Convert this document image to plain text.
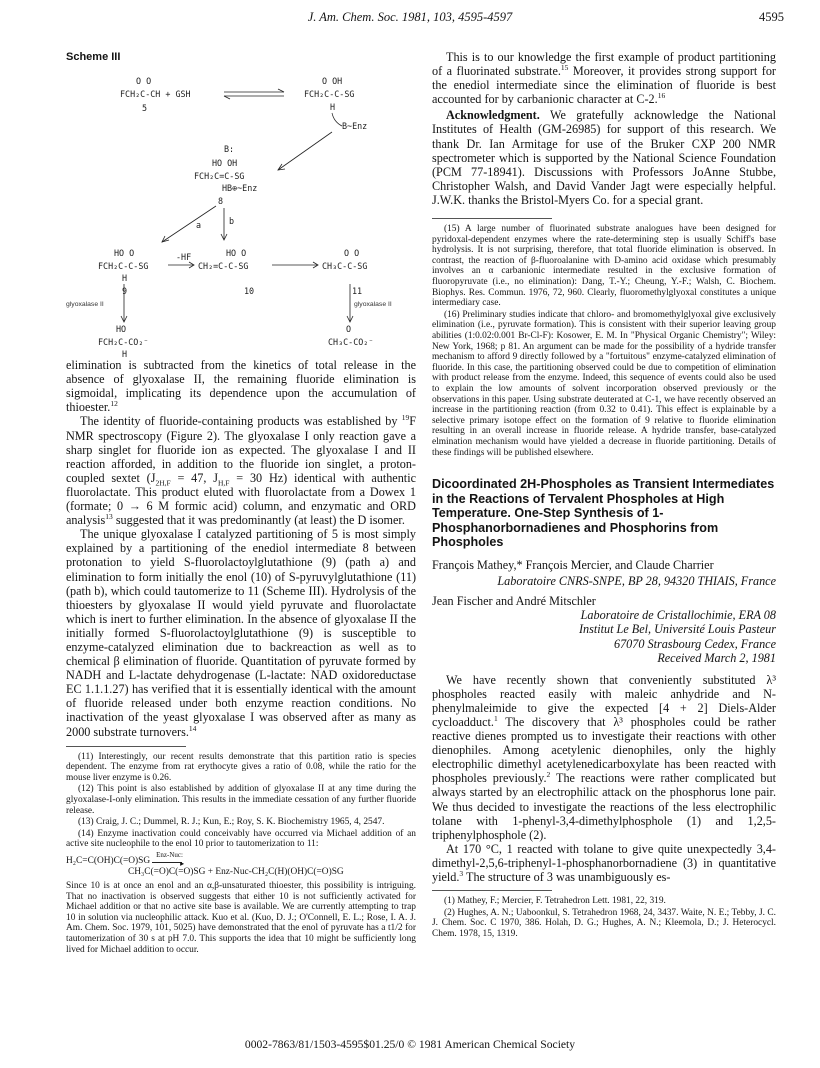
J. Am. Chem. Soc. 1981, 103, 4595-4597	4595
Scheme III
O O
FCH₂C-CH + GSH
5
O OH
FCH₂C-C-SG
H
B~Enz
B:
HO OH
FCH₂C=C-SG
HB⊕~Enz
8
a	b
HO O
FCH₂C-C-SG
H
9
-HF	HO O
CH₂=C-C-SG
10
O O
CH₃C-C-SG
11
glyoxalase II	glyoxalase II
HO
FCH₂C-CO₂⁻
H
O
CH₃C-CO₂⁻

elimination is subtracted from the kinetics of total release in the absence of glyoxalase II, the remaining fluoride elimination is sigmoidal, implicating its dependence upon the accumulation of thioester.$^{12}$

The identity of fluoride-containing products was established by $^{19}$F NMR spectroscopy (Figure 2). The glyoxalase I only reaction gave a sharp singlet for fluoride ion as expected. The glyoxalase I and II reaction afforded, in addition to the fluoride ion singlet, a proton-coupled sextet ($J_{2H,F} = 47$, $J_{H,F} = 30$ Hz) identical with authentic fluorolactate. This product eluted with fluorolactate from a Dowex 1 (formate; 0 → 6 M formic acid) column, and enzymatic and ORD analysis$^{13}$ suggested that it was predominantly (at least) the D isomer.

The unique glyoxalase I catalyzed partitioning of 5 is most simply explained by a partitioning of the enediol intermediate 8 between protonation to yield S-fluorolactoylglutathione (9) (path a) and elimination to form initially the enol (10) of S-pyruvylglutathione (11) (path b), which could tautomerize to 11 (Scheme III). Hydrolysis of the thioesters by glyoxalase II would yield pyruvate and fluorolactate which is inert to further elimination. In the absence of glyoxalase II the initially formed S-fluorolactoylglutathione (9) is susceptible to enzyme-catalyzed elimination due to backreaction as well as to chemical β elimination of fluoride. Quantitation of pyruvate formed by NADH and L-lactate dehydrogenase (L-lactate: NAD oxidoreductase EC 1.1.1.27) has verified that it is essentially identical with the amount of fluoride released under both enzyme reaction conditions. No inactivation of the yeast glyoxalase I was observed after as many as 2000 substrate turnovers.$^{14}$

(11) Interestingly, our recent results demonstrate that this partition ratio is species dependent. The enzyme from rat erythocyte gives a ratio of 0.08, while the ratio for the mouse liver enzyme is 0.26.

(12) This point is also established by addition of glyoxalase II at any time during the glyoxalase-I-only elimination. This results in the immediate cessation of any further fluoride release.

(13) Craig, J. C.; Dummel, R. J.; Kun, E.; Roy, S. K. Biochemistry 1965, 4, 2547.

(14) Enzyme inactivation could conceivably have occurred via Michael addition of an active site nucleophile to the enol 10 prior to tautomerization to 11:

H₂C=C(OH)C(=O)SG
Enz-Nuc:
▸
CH₃C(=O)C(=O)SG + Enz-Nuc-CH₂C(H)(OH)C(=O)SG

Since 10 is at once an enol and an α,β-unsaturated thioester, this possibility is intriguing. That no inactivation is observed suggests that either 10 is not sufficiently activated for Michael addition or that no active site base is available. We are currently attempting to trap 10 in solution via nucleophilic attack. Kuo et al. (Kuo, D. J.; O'Connell, E. L.; Rose, I. A. J. Am. Chem. Soc. 1979, 101, 5025) have demonstrated that the enol of pyruvate has a t1/2 for tautomerization of 30 s at pH 7.0. This supports the idea that 10 might be sufficiently long lived for Michael addition to occur.

This is to our knowledge the first example of product partitioning of a fluorinated substrate.$^{15}$ Moreover, it provides strong support for the enediol intermediate since the elimination of fluoride is best accounted for by carbanionic character at C-2.16

Acknowledgment. We gratefully acknowledge the National Institutes of Health (GM-26985) for support of this research. We thank Dr. Ian Armitage for use of the Bruker CXP 200 NMR spectrometer which is supported by the National Science Foundation (PCM 77-18941). Discussions with Professors JoAnne Stubbe, Christopher Walsh, and David Vander Jagt were especially helpful. J.W.K. thanks the Bristol-Myers Co. for a special grant.

(15) A large number of fluorinated substrate analogues have been designed for pyridoxal-dependent enzymes where the rate-determining step is usually Schiff's base hydrolysis. It is not surprising, therefore, that total fluoride elimination is observed. In contrast, the reaction of β-fluoroalanine with D-amino acid oxidase which presumably involves an α carbanionic intermediate resulted in the exclusive formation of fluoropyruvate (i.e., no elimination): Dang, T.-Y.; Cheung, Y.-F.; Walsh, C. Biochem. Biophys. Res. Commun. 1976, 72, 960. Clearly, fluoromethylglyoxal constitutes a unique intermediary case.

(16) Preliminary studies indicate that chloro- and bromomethylglyoxal give exclusively elimination (i.e., pyruvate formation). This is consistent with their superior leaving group abilities (1:0.02:0.001 Br-Cl-F): Kosower, E. M. In "Physical Organic Chemistry"; Wiley: New York, 1968; p 81. An argument can be made for the possibility of a hydride transfer mechanism to afford 9 directly followed by a "fortuitous" enzyme-catalyzed elimination of fluoride. In this case, the partitioning observed could be due to competition of elimination with product release from the enzyme. Indeed, this sequence of events could also be used to explain the low amounts of solvent incorporation observed previously or the observations in this paper. Using substrate deuterated at C-1, we have recently observed an increase in the partitioning reaction (from 0.32 to 0.41). This effect is explainable by a selective primary isotope effect on the formation of 9 relative to fluoride elimination resulting in an overall increase in fluoride release. A hydride transfer, base-catalyzed elmination mechanism would have yielded a decrease in fluoride partitioning. Details of these findings will be published elsewhere.

Dicoordinated 2H-Phospholes as Transient Intermediates in the Reactions of Tervalent Phospholes at High Temperature. One-Step Synthesis of 1-Phosphanorbornadienes and Phosphorins from Phospholes
François Mathey,* François Mercier, and Claude Charrier
Laboratoire CNRS-SNPE, BP 28, 94320 THIAIS, France
Jean Fischer and André Mitschler
Laboratoire de Cristallochimie, ERA 08
Institut Le Bel, Université Louis Pasteur
67070 Strasbourg Cedex, France
Received March 2, 1981

We have recently shown that conveniently substituted λ³ phospholes reacted easily with maleic anhydride and N-phenylmaleimide to give the expected [4 + 2] Diels-Alder cycloadduct.$^1$ The discovery that λ³ phospholes could be rather reactive dienes prompted us to investigate their reactions with other dienophiles. Among acetylenic dienophiles, only the highly electrophilic dimethyl acetylenedicarboxylate has been reacted with phospholes previously.$^2$ The reactions were rather complicated but always started by an electrophilic attack on the phosphorus lone pair. We thus decided to investigate the reactions of the less electrophilic tolane with 1-phenyl-3,4-dimethylphosphole (1) and 1,2,5-triphenylphosphole (2).

At 170 °C, 1 reacted with tolane to give quite unexpectedly 3,4-dimethyl-2,5,6-triphenyl-1-phosphanorbornadiene (3) in quantitative yield.$^3$ The structure of 3 was unambiguously es-

(1) Mathey, F.; Mercier, F. Tetrahedron Lett. 1981, 22, 319.

(2) Hughes, A. N.; Uaboonkul, S. Tetrahedron 1968, 24, 3437. Waite, N. E.; Tebby, J. C. J. Chem. Soc. C 1970, 386. Holah, D. G.; Hughes, A. N.; Kleemola, D.; J. Heterocycl. Chem. 1978, 15, 1319.

0002-7863/81/1503-4595$01.25/0 © 1981 American Chemical Society
